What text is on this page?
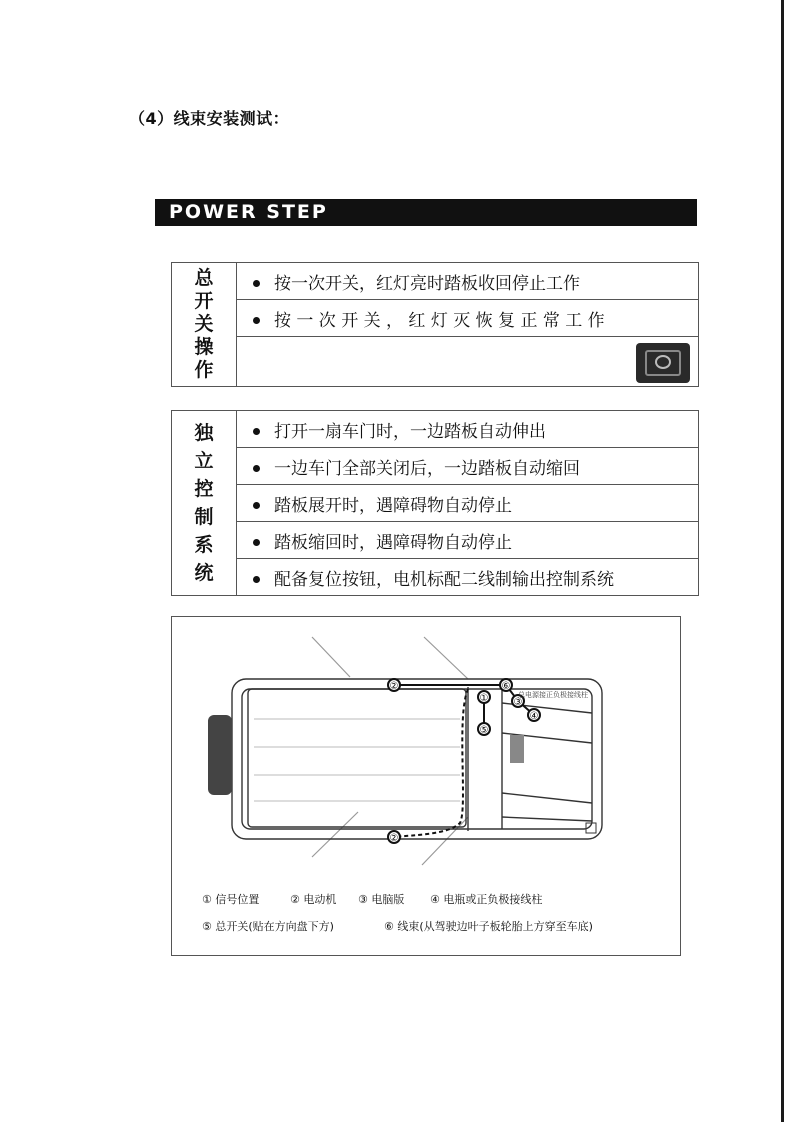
（4）线束安装测试：
POWER STEP
总开关操作
	按一次开关，红灯亮时踏板收回停止工作
按 一 次 开 关 ， 红 灯 灭 恢 复 正 常 工 作

独立控制系统
	打开一扇车门时，一边踏板自动伸出
一边车门全部关闭后，一边踏板自动缩回
踏板展开时，遇障碍物自动停止
踏板缩回时，遇障碍物自动停止
配备复位按钮，电机标配二线制输出控制系统
②	⑥
①	③
④
⑤
②
总电源接正负极接线柱
① 信号位置	② 电动机 ③ 电脑版 ④ 电瓶或正负极接线柱
⑤ 总开关(贴在方向盘下方)	⑥ 线束(从驾驶边叶子板轮胎上方穿至车底)
